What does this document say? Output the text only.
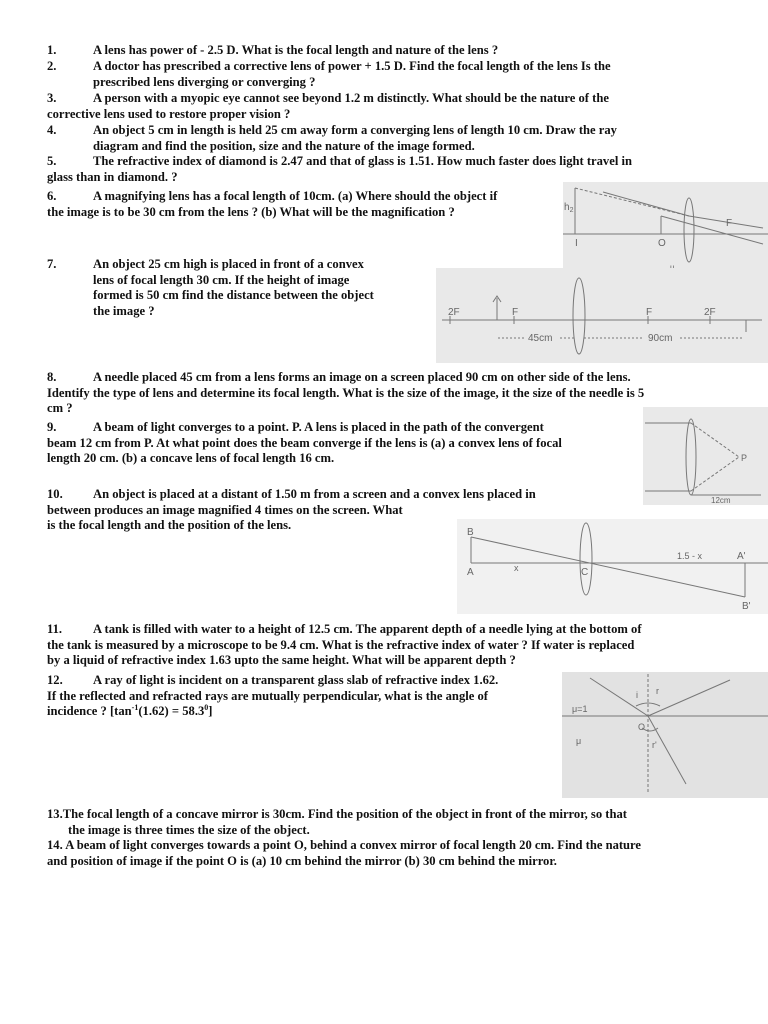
1.	A lens has power of - 2.5 D. What is the focal length and nature of the lens ?

2.	A doctor has prescribed a corrective lens of power + 1.5 D. Find the focal length of the lens Is the
prescribed lens diverging or converging ?

3.	A person with a myopic eye cannot see beyond 1.2 m distinctly. What should be the nature of the
corrective lens used to restore proper vision ?

4.	An object 5 cm in length is held 25 cm away form a converging lens of length 10 cm. Draw the ray
diagram and find the position, size and the nature of the image formed.

5.	The refractive index of diamond is 2.47 and that of glass is 1.51. How much faster does light travel in
glass than in diamond. ?

6.	A magnifying lens has a focal length of 10cm. (a) Where should the object if
the image is to be 30 cm from the lens ? (b) What will be the magnification ?	$h_2$
I	O
F

7.	An object 25 cm high is placed in front of a convex
lens of focal length 30 cm. If the height of image
formed is 50 cm find the distance between the object
the image ?	2F	F	F	2F
45cm	90cm

8.	A needle placed 45 cm from a lens forms an image on a screen placed 90 cm on other side of the lens.
Identify the type of lens and determine its focal length. What is the size of the image, it the size of the needle is 5
cm ?

9.	A beam of light converges to a point. P. A lens is placed in the path of the convergent
beam 12 cm from P. At what point does the beam converge if the lens is (a) a convex lens of focal
length 20 cm. (b) a concave lens of focal length 16 cm.	P
12cm

10. An object is placed at a distant of 1.50 m from a screen and a convex lens placed in
between produces an image magnified 4 times on the screen. What
is the focal length and the position of the lens.

B
A	x	C
1.5 - x	A'
B'

11. A tank is filled with water to a height of 12.5 cm. The apparent depth of a needle lying at the bottom of
the tank is measured by a microscope to be 9.4 cm. What is the refractive index of water ? If water is replaced
by a liquid of refractive index 1.63 upto the same height. What will be apparent depth ?

12. A ray of light is incident on a transparent glass slab of refractive index 1.62.
If the reflected and refracted rays are mutually perpendicular, what is the angle of
incidence ? $[\tan^{-1}(1.62) = 58.3^0]$	μ=1
μ
i r
O
r'

13.The focal length of a concave mirror is 30cm. Find the position of the object in front of the mirror, so that
the image is three times the size of the object.

14. A beam of light converges towards a point O, behind a convex mirror of focal length 20 cm. Find the nature
and position of image if the point O is (a) 10 cm behind the mirror (b) 30 cm behind the mirror.
